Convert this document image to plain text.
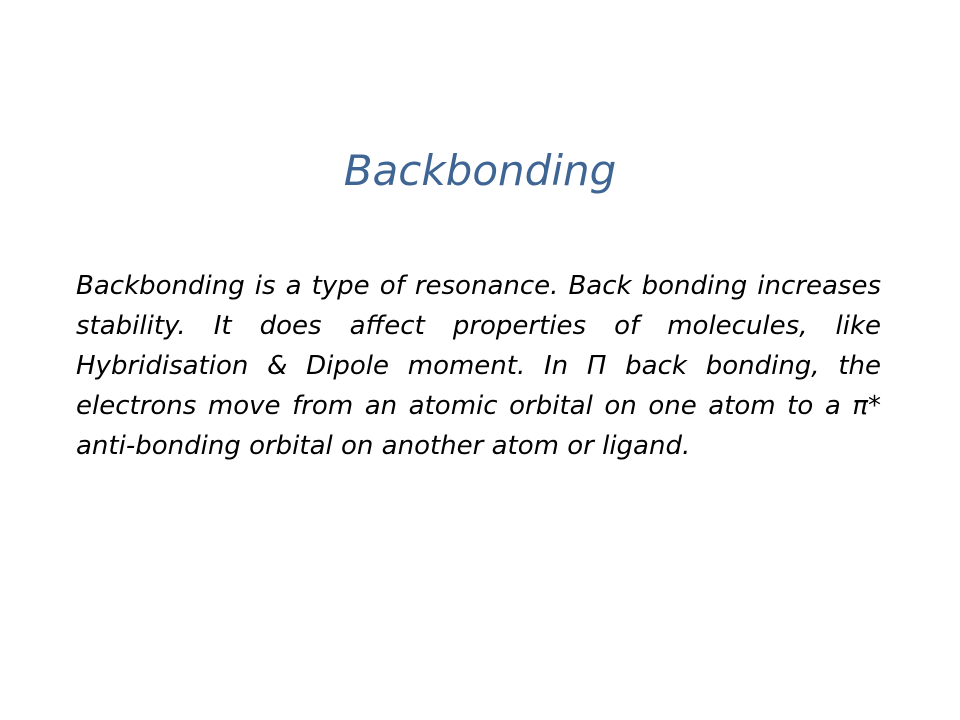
Backbonding

Backbonding is a type of resonance. Back bonding increases stability. It does affect properties of molecules, like Hybridisation & Dipole moment. In Π back bonding, the electrons move from an atomic orbital on one atom to a π* anti-bonding orbital on another atom or ligand.
